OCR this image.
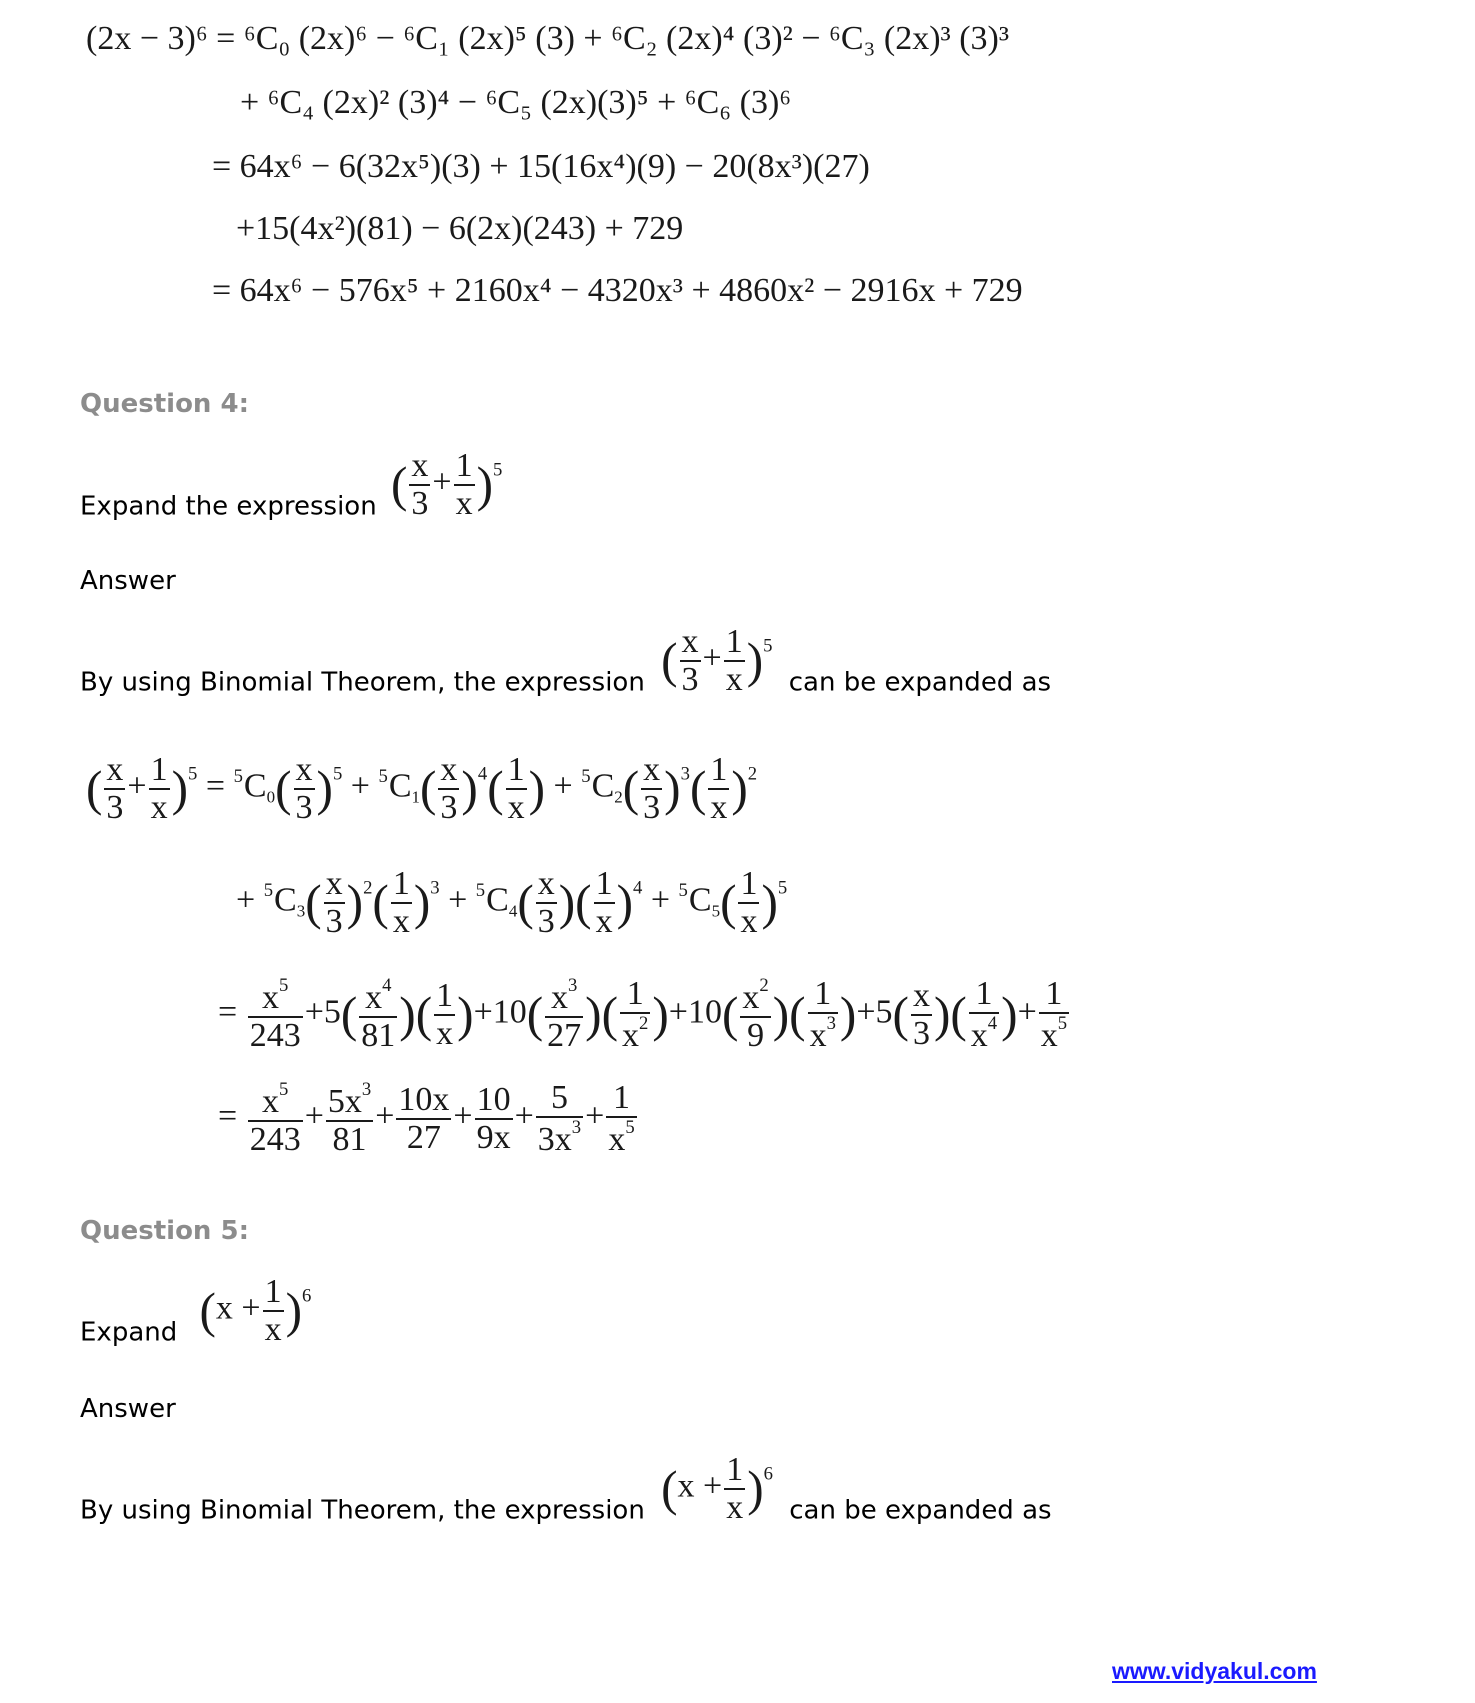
(2x − 3)⁶ = ⁶C₀ (2x)⁶ − ⁶C₁ (2x)⁵ (3) + ⁶C₂ (2x)⁴ (3)² − ⁶C₃ (2x)³ (3)³
+ ⁶C₄ (2x)² (3)⁴ − ⁶C₅ (2x)(3)⁵ + ⁶C₆ (3)⁶
= 64x⁶ − 6(32x⁵)(3) + 15(16x⁴)(9) − 20(8x³)(27)
+15(4x²)(81) − 6(2x)(243) + 729
= 64x⁶ − 576x⁵ + 2160x⁴ − 4320x³ + 4860x² − 2916x + 729
Question 4:
Expand the expression ( $\frac{x}{3} + \frac{1}{x} )^5$
Answer
By using Binomial Theorem, the expression ( $\frac{x}{3} + \frac{1}{x} )^5$ can be expanded as
( $\frac{x}{3} + \frac{1}{x} )^5 = ^5C_0( \frac{x}{3} )^5 + ^5C_1( \frac{x}{3} )^4( \frac{1}{x}$ ) + $^5C_2( \frac{x}{3} )^3( \frac{1}{x} )^2$
+ $^5C_3( \frac{x}{3} )^2( \frac{1}{x} )^3 + ^5C_4( \frac{x}{3}$ )( $\frac{1}{x} )^4 + ^5C_5( \frac{1}{x} )^5$
= $\frac{x^5}{243} +5( \frac{x^4}{81}$ )( $\frac{1}{x} )+10( \frac{x^3}{27}$ )( $\frac{1}{x^2} )+10( \frac{x^2}{9}$ )( $\frac{1}{x^3} )+5( \frac{x}{3}$ )( $\frac{1}{x^4}$ )+ $\frac{1}{x^5}$
= $\frac{x^5}{243} + \frac{5x^3}{81} + \frac{10x}{27} + \frac{10}{9x} + \frac{5}{3x^3} + \frac{1}{x^5}$
Question 5:
Expand $(x + \frac{1}{x} )^6$
Answer
By using Binomial Theorem, the expression $(x + \frac{1}{x} )^6$ can be expanded as
www.vidyakul.com
